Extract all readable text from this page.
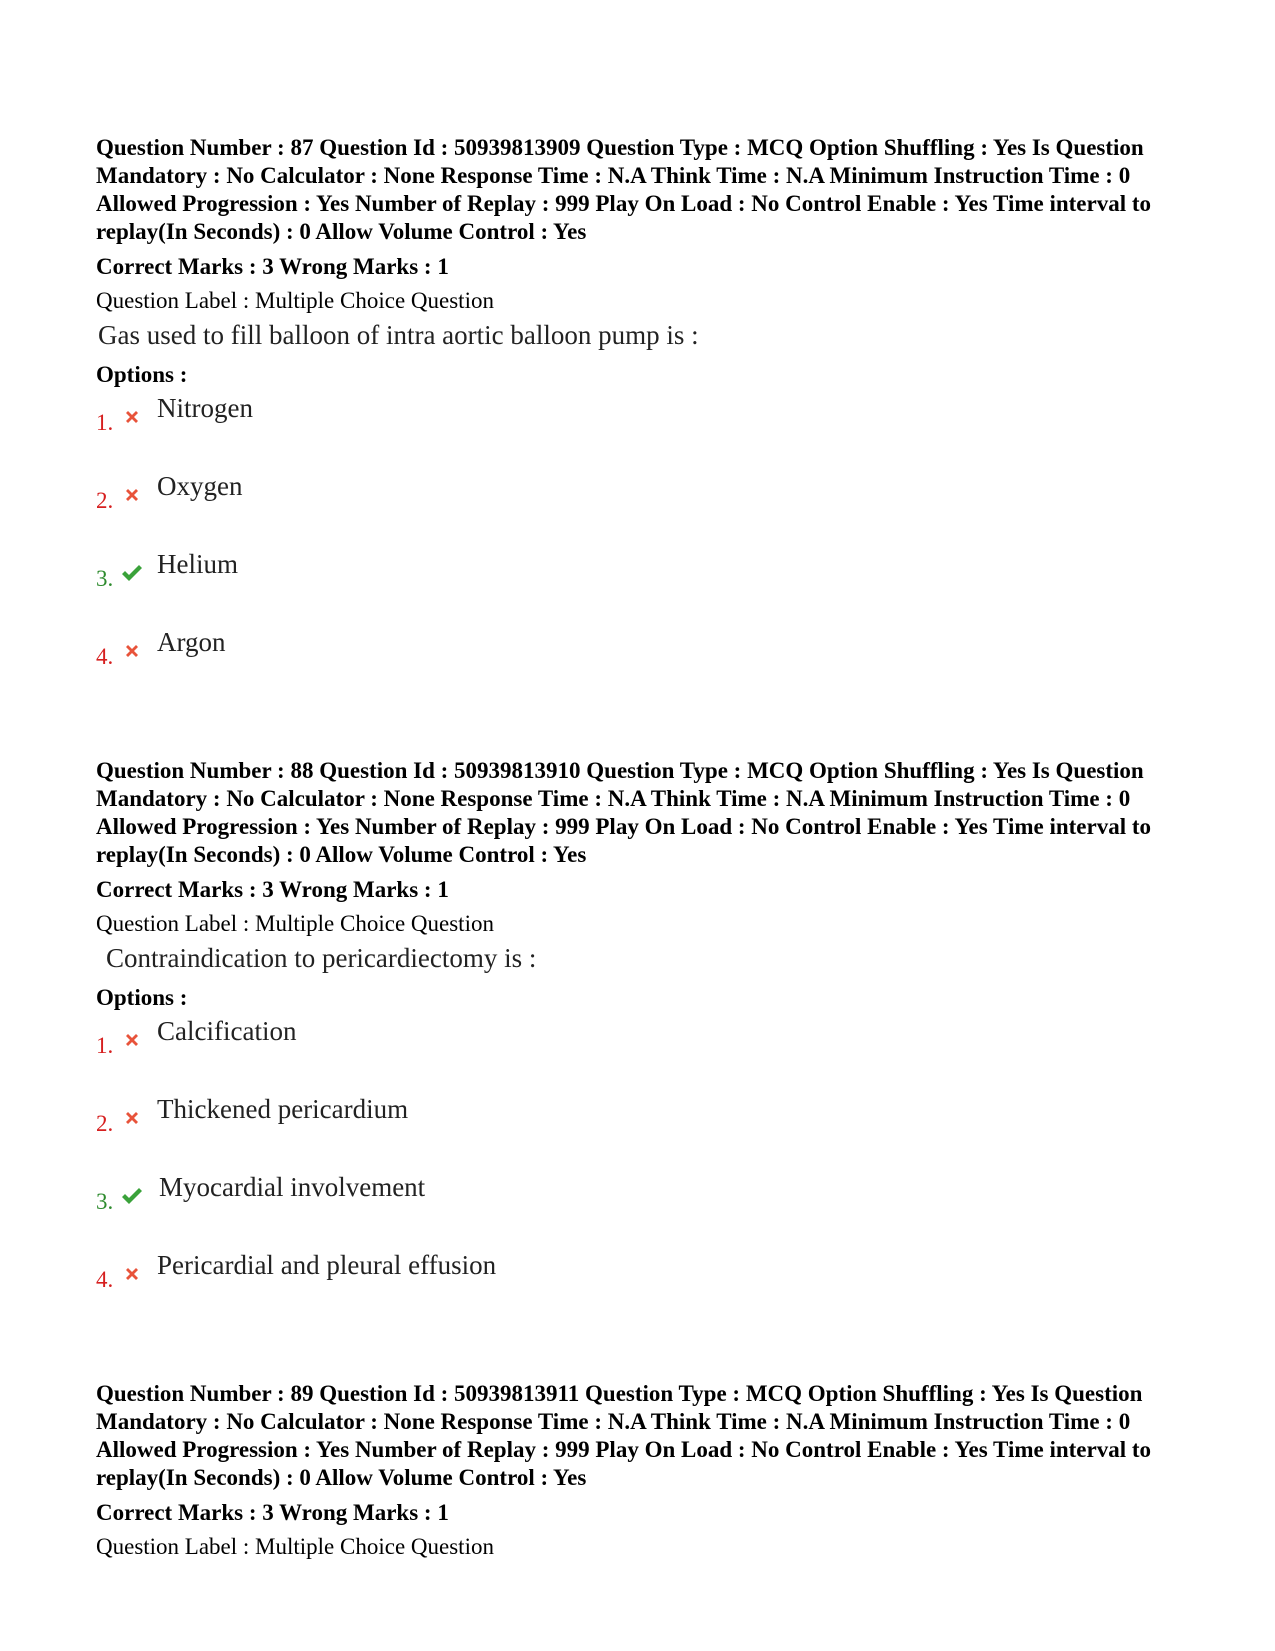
Question Number : 87 Question Id : 50939813909 Question Type : MCQ Option Shuffling : Yes Is Question Mandatory : No Calculator : None Response Time : N.A Think Time : N.A Minimum Instruction Time : 0 Allowed Progression : Yes Number of Replay : 999 Play On Load : No Control Enable : Yes Time interval to replay(In Seconds) : 0 Allow Volume Control : Yes

Correct Marks : 3 Wrong Marks : 1
Question Label : Multiple Choice Question
Gas used to fill balloon of intra aortic balloon pump is :
Options :
1. Nitrogen
2. Oxygen
3. Helium
4. Argon

Question Number : 88 Question Id : 50939813910 Question Type : MCQ Option Shuffling : Yes Is Question Mandatory : No Calculator : None Response Time : N.A Think Time : N.A Minimum Instruction Time : 0 Allowed Progression : Yes Number of Replay : 999 Play On Load : No Control Enable : Yes Time interval to replay(In Seconds) : 0 Allow Volume Control : Yes

Correct Marks : 3 Wrong Marks : 1
Question Label : Multiple Choice Question
Contraindication to pericardiectomy is :
Options :
1. Calcification
2. Thickened pericardium
3. Myocardial involvement
4. Pericardial and pleural effusion

Question Number : 89 Question Id : 50939813911 Question Type : MCQ Option Shuffling : Yes Is Question Mandatory : No Calculator : None Response Time : N.A Think Time : N.A Minimum Instruction Time : 0 Allowed Progression : Yes Number of Replay : 999 Play On Load : No Control Enable : Yes Time interval to replay(In Seconds) : 0 Allow Volume Control : Yes

Correct Marks : 3 Wrong Marks : 1
Question Label : Multiple Choice Question
